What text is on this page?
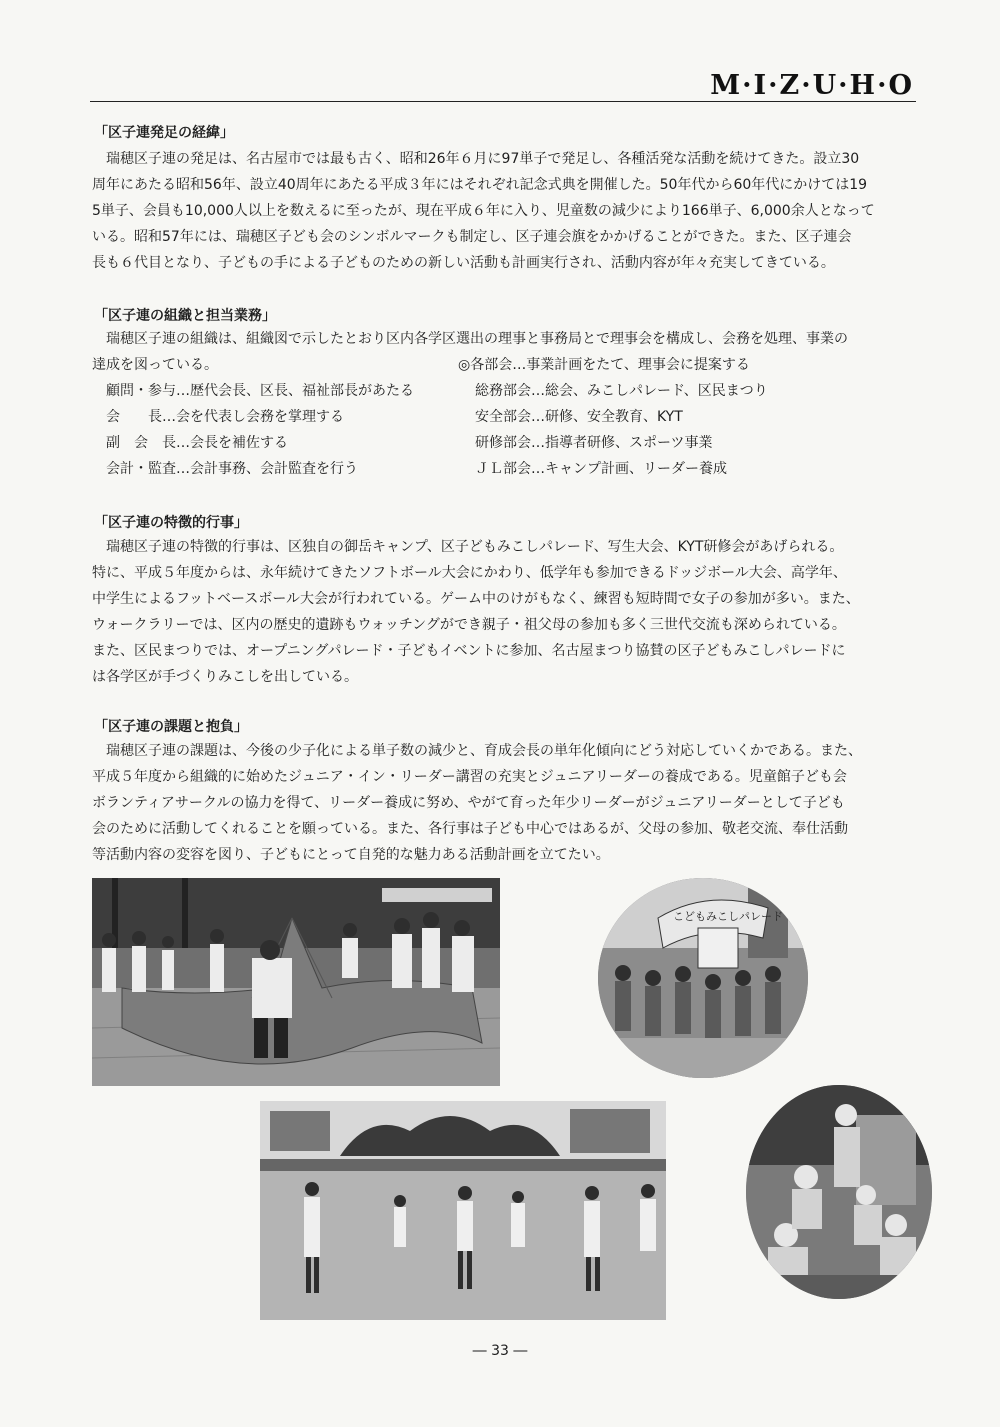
M·I·Z·U·H·O
「区子連発足の経緯」
　瑞穂区子連の発足は、名古屋市では最も古く、昭和26年６月に97単子で発足し、各種活発な活動を続けてきた。設立30
周年にあたる昭和56年、設立40周年にあたる平成３年にはそれぞれ記念式典を開催した。50年代から60年代にかけては19
5単子、会員も10,000人以上を数えるに至ったが、現在平成６年に入り、児童数の減少により166単子、6,000余人となって
いる。昭和57年には、瑞穂区子ども会のシンボルマークも制定し、区子連会旗をかかげることができた。また、区子連会
長も６代目となり、子どもの手による子どものための新しい活動も計画実行され、活動内容が年々充実してきている。
「区子連の組織と担当業務」
　瑞穂区子連の組織は、組織図で示したとおり区内各学区選出の理事と事務局とで理事会を構成し、会務を処理、事業の
達成を図っている。	◎各部会…事業計画をたて、理事会に提案する
顧問・参与…歴代会長、区長、福祉部長があたる
会　　長…会を代表し会務を掌理する
副　会　長…会長を補佐する
会計・監査…会計事務、会計監査を行う
総務部会…総会、みこしパレード、区民まつり
安全部会…研修、安全教育、KYT
研修部会…指導者研修、スポーツ事業
ＪＬ部会…キャンプ計画、リーダー養成
「区子連の特徴的行事」
　瑞穂区子連の特徴的行事は、区独自の御岳キャンプ、区子どもみこしパレード、写生大会、KYT研修会があげられる。
特に、平成５年度からは、永年続けてきたソフトボール大会にかわり、低学年も参加できるドッジボール大会、高学年、
中学生によるフットベースボール大会が行われている。ゲーム中のけがもなく、練習も短時間で女子の参加が多い。また、
ウォークラリーでは、区内の歴史的遺跡もウォッチングができ親子・祖父母の参加も多く三世代交流も深められている。
また、区民まつりでは、オープニングパレード・子どもイベントに参加、名古屋まつり協賛の区子どもみこしパレードに
は各学区が手づくりみこしを出している。
「区子連の課題と抱負」
　瑞穂区子連の課題は、今後の少子化による単子数の減少と、育成会長の単年化傾向にどう対応していくかである。また、
平成５年度から組織的に始めたジュニア・イン・リーダー講習の充実とジュニアリーダーの養成である。児童館子ども会
ボランティアサークルの協力を得て、リーダー養成に努め、やがて育った年少リーダーがジュニアリーダーとして子ども
会のために活動してくれることを願っている。また、各行事は子ども中心ではあるが、父母の参加、敬老交流、奉仕活動
等活動内容の変容を図り、子どもにとって自発的な魅力ある活動計画を立てたい。
こどもみこしパレード
― 33 ―
